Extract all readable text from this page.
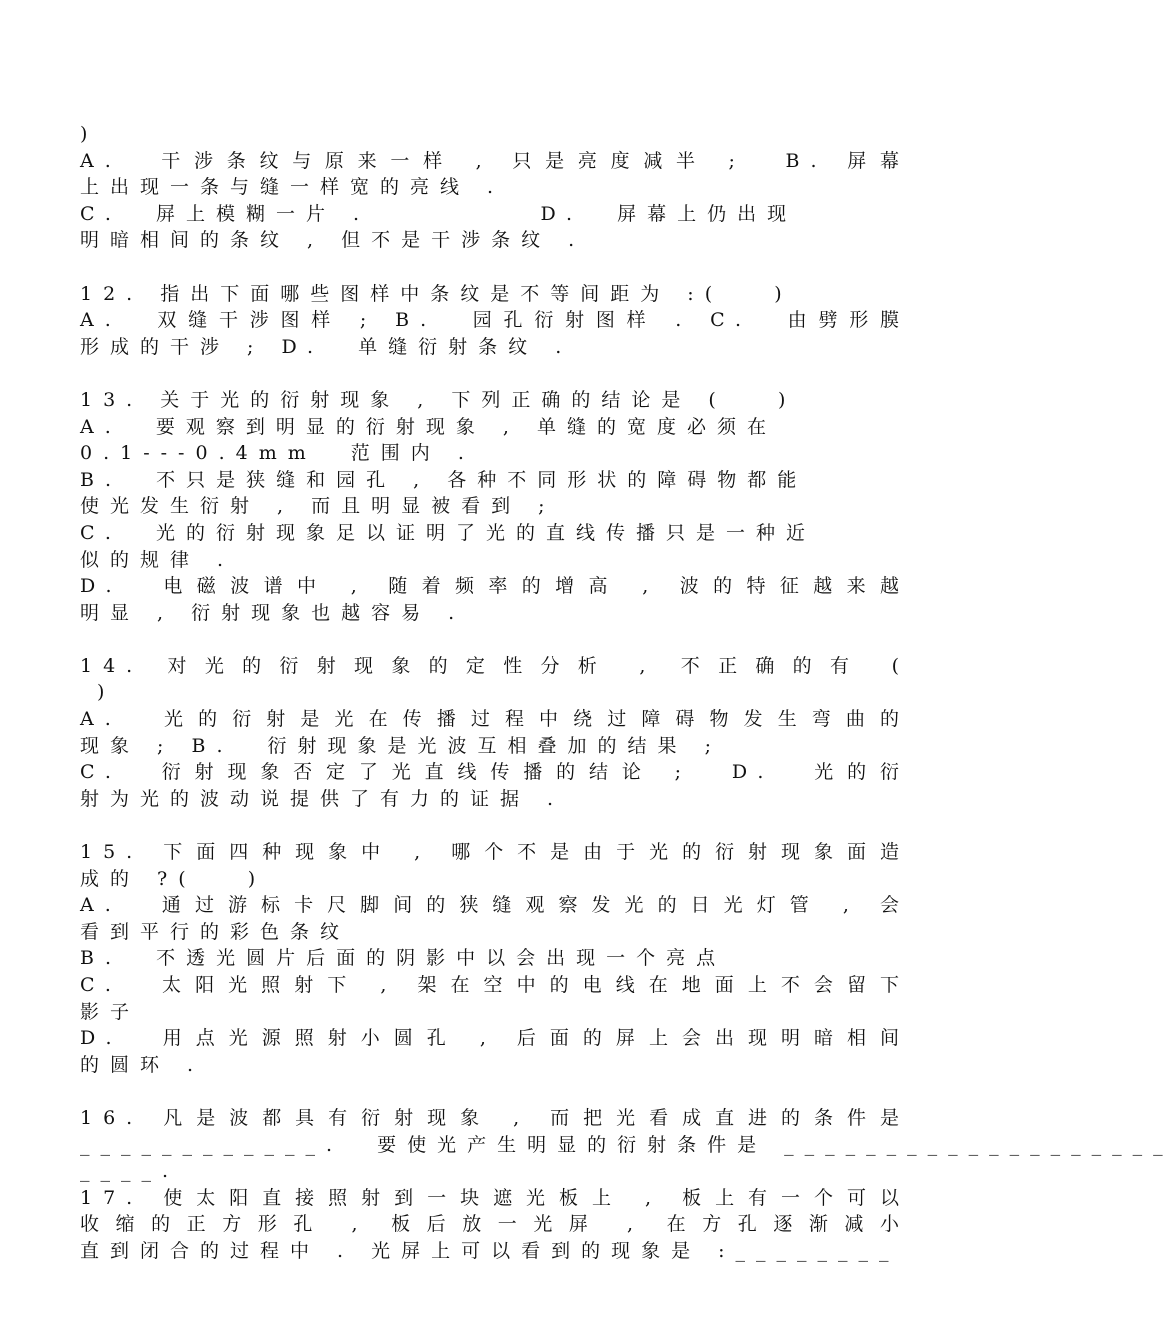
)
A.  干涉条纹与原来一样 , 只是亮度减半 ;  B. 屏幕
上出现一条与缝一样宽的亮线 .
C.  屏上模糊一片 .          D.  屏幕上仍出现
明暗相间的条纹 , 但不是干涉条纹 .
12. 指出下面哪些图样中条纹是不等间距为 :(   )
A.  双缝干涉图样 ; B.  园孔衍射图样 . C.  由劈形膜
形成的干涉 ; D.  单缝衍射条纹 .
13. 关于光的衍射现象 , 下列正确的结论是 (   )
A.  要观察到明显的衍射现象 , 单缝的宽度必须在
0.1---0.4mm  范围内 .
B.  不只是狭缝和园孔 , 各种不同形状的障碍物都能
使光发生衍射 , 而且明显被看到 ;
C.  光的衍射现象足以证明了光的直线传播只是一种近
似的规律 .
D.  电磁波谱中 , 随着频率的增高 , 波的特征越来越
明显 , 衍射现象也越容易 .
14. 对光的衍射现象的定性分析 , 不正确的有 (
)
A.  光的衍射是光在传播过程中绕过障碍物发生弯曲的
现象 ; B.  衍射现象是光波互相叠加的结果 ;
C.  衍射现象否定了光直线传播的结论 ;  D.  光的衍
射为光的波动说提供了有力的证据 .
15. 下面四种现象中 , 哪个不是由于光的衍射现象面造
成的 ?(   )
A.  通过游标卡尺脚间的狭缝观察发光的日光灯管 , 会
看到平行的彩色条纹
B.  不透光圆片后面的阴影中以会出现一个亮点
C.  太阳光照射下 , 架在空中的电线在地面上不会留下
影子
D.  用点光源照射小圆孔 , 后面的屏上会出现明暗相间
的圆环 .
16. 凡是波都具有衍射现象 , 而把光看成直进的条件是
____________.  要使光产生明显的衍射条件是 ___________________
____.
17. 使太阳直接照射到一块遮光板上 , 板上有一个可以
收缩的正方形孔 , 板后放一光屏 , 在方孔逐渐减小
直到闭合的过程中 . 光屏上可以看到的现象是 :________
